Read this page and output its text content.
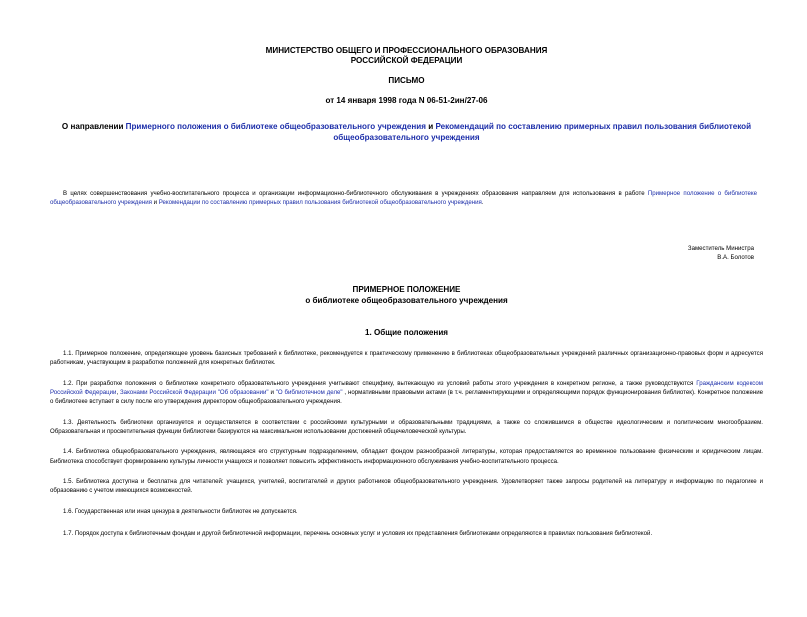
МИНИСТЕРСТВО ОБЩЕГО И ПРОФЕССИОНАЛЬНОГО ОБРАЗОВАНИЯ
РОССИЙСКОЙ ФЕДЕРАЦИИ
ПИСЬМО
от 14 января 1998 года N 06-51-2ин/27-06
О направлении Примерного положения о библиотеке общеобразовательного учреждения и Рекомендаций по составлению примерных правил пользования библиотекой общеобразовательного учреждения

В целях совершенствования учебно-воспитательного процесса и организации информационно-библиотечного обслуживания в учреждениях образования направляем для использования в работе Примерное положение о библиотеке общеобразовательного учреждения и Рекомендации по составлению примерных правил пользования библиотекой общеобразовательного учреждения.

Заместитель Министра
В.А. Болотов
ПРИМЕРНОЕ ПОЛОЖЕНИЕ
о библиотеке общеобразовательного учреждения
1. Общие положения

1.1. Примерное положение, определяющее уровень базисных требований к библиотеке, рекомендуется к практическому применению в библиотеках общеобразовательных учреждений различных организационно-правовых форм и адресуется работникам, участвующим в разработке положений для конкретных библиотек.

1.2. При разработке положения о библиотеке конкретного образовательного учреждения учитывают специфику, вытекающую из условий работы этого учреждения в конкретном регионе, а также руководствуются Гражданским кодексом Российской Федерации, Законами Российской Федерации "Об образовании" и "О библиотечном деле" , нормативными правовыми актами (в т.ч. регламентирующими и определяющими порядок функционирования библиотек). Конкретное положение о библиотеке вступает в силу после его утверждения директором общеобразовательного учреждения.

1.3. Деятельность библиотеки организуется и осуществляется в соответствии с российскими культурными и образовательными традициями, а также со сложившимся в обществе идеологическим и политическим многообразием. Образовательная и просветительная функции библиотеки базируются на максимальном использовании достижений общечеловеческой культуры.

1.4. Библиотека общеобразовательного учреждения, являющаяся его структурным подразделением, обладает фондом разнообразной литературы, которая предоставляется во временное пользование физическим и юридическим лицам. Библиотека способствует формированию культуры личности учащихся и позволяет повысить эффективность информационного обслуживания учебно-воспитательного процесса.

1.5. Библиотека доступна и бесплатна для читателей: учащихся, учителей, воспитателей и других работников общеобразовательного учреждения. Удовлетворяет также запросы родителей на литературу и информацию по педагогике и образованию с учетом имеющихся возможностей.

1.6. Государственная или иная цензура в деятельности библиотек не допускается.

1.7. Порядок доступа к библиотечным фондам и другой библиотечной информации, перечень основных услуг и условия их представления библиотеками определяются в правилах пользования библиотекой.
